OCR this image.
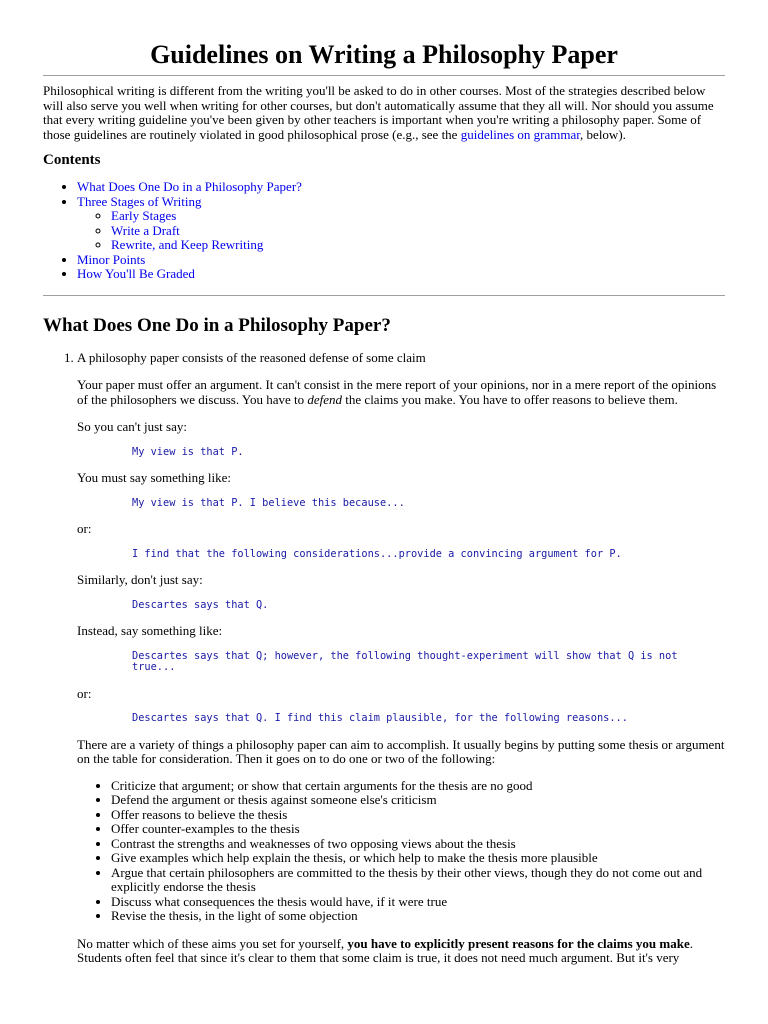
Guidelines on Writing a Philosophy Paper

Philosophical writing is different from the writing you'll be asked to do in other courses. Most of the strategies described below will also serve you well when writing for other courses, but don't automatically assume that they all will. Nor should you assume that every writing guideline you've been given by other teachers is important when you're writing a philosophy paper. Some of those guidelines are routinely violated in good philosophical prose (e.g., see the guidelines on grammar, below).

Contents
• What Does One Do in a Philosophy Paper?
• Three Stages of Writing
◦ Early Stages
◦ Write a Draft
◦ Rewrite, and Keep Rewriting
• Minor Points
• How You'll Be Graded
What Does One Do in a Philosophy Paper?

1. A philosophy paper consists of the reasoned defense of some claim

Your paper must offer an argument. It can't consist in the mere report of your opinions, nor in a mere report of the opinions of the philosophers we discuss. You have to defend the claims you make. You have to offer reasons to believe them.

So you can't just say:

My view is that P.

You must say something like:

My view is that P. I believe this because...

or:

I find that the following considerations...provide a convincing argument for P.

Similarly, don't just say:

Descartes says that Q.

Instead, say something like:

Descartes says that Q; however, the following thought-experiment will show that Q is not true...

or:

Descartes says that Q. I find this claim plausible, for the following reasons...

There are a variety of things a philosophy paper can aim to accomplish. It usually begins by putting some thesis or argument on the table for consideration. Then it goes on to do one or two of the following:

• Criticize that argument; or show that certain arguments for the thesis are no good
• Defend the argument or thesis against someone else's criticism
• Offer reasons to believe the thesis
• Offer counter-examples to the thesis
• Contrast the strengths and weaknesses of two opposing views about the thesis
• Give examples which help explain the thesis, or which help to make the thesis more plausible
• Argue that certain philosophers are committed to the thesis by their other views, though they do not come out and explicitly endorse the thesis
• Discuss what consequences the thesis would have, if it were true
• Revise the thesis, in the light of some objection

No matter which of these aims you set for yourself, you have to explicitly present reasons for the claims you make. Students often feel that since it's clear to them that some claim is true, it does not need much argument. But it's very
